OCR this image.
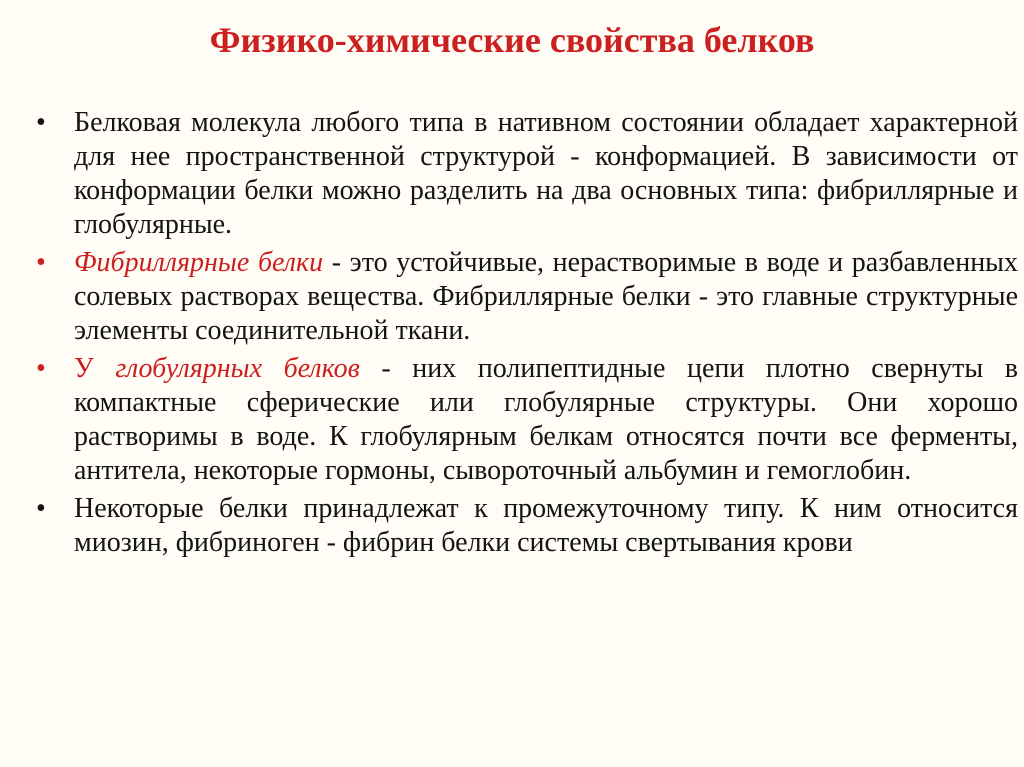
Физико-химические свойства белков
•	Белковая молекула любого типа в нативном состоянии обладает характерной для нее пространственной структурой - конформацией. В зависимости от конформации белки можно разделить на два основных типа: фибриллярные и глобулярные.
•	Фибриллярные белки - это устойчивые, нерастворимые в воде и разбавленных солевых растворах вещества. Фибриллярные белки - это главные структурные элементы соединительной ткани.
•	У глобулярных белков - них полипептидные цепи плотно свернуты в компактные сферические или глобулярные структуры. Они хорошо растворимы в воде. К глобулярным белкам относятся почти все ферменты, антитела, некоторые гормоны, сывороточный альбумин и гемоглобин.
•	Некоторые белки принадлежат к промежуточному типу. К ним относится миозин, фибриноген - фибрин белки системы свертывания крови
